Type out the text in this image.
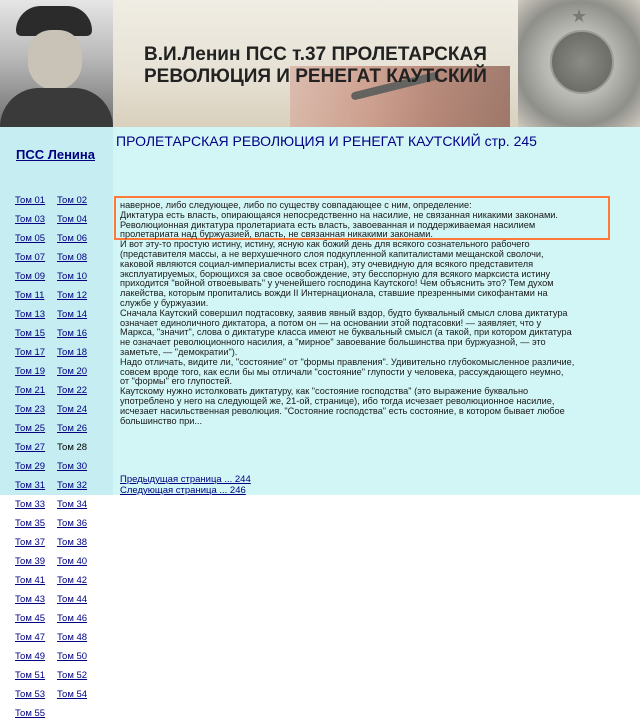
★
В.И.Ленин ПСС т.37 ПРОЛЕТАРСКАЯ
РЕВОЛЮЦИЯ И РЕНЕГАТ КАУТСКИЙ
ПСС Ленина
Том 01 Том 02Том 03 Том 04Том 05 Том 06Том 07 Том 08Том 09 Том 10Том 11 Том 12Том 13 Том 14Том 15 Том 16Том 17 Том 18Том 19 Том 20Том 21 Том 22Том 23 Том 24Том 25 Том 26Том 27 Том 28Том 29 Том 30Том 31 Том 32Том 33 Том 34Том 35 Том 36Том 37 Том 38Том 39 Том 40Том 41 Том 42Том 43 Том 44Том 45 Том 46Том 47 Том 48Том 49 Том 50Том 51 Том 52Том 53 Том 54Том 55
ПРОЛЕТАРСКАЯ РЕВОЛЮЦИЯ И РЕНЕГАТ КАУТСКИЙ стр. 245
наверное, либо следующее, либо по существу совпадающее с ним, определение:
Диктатура есть власть, опирающаяся непосредственно на насилие, не связанная никакими законами.
Революционная диктатура пролетариата есть власть, завоеванная и поддерживаемая насилием
пролетариата над буржуазией, власть, не связанная никакими законами.
И вот эту-то простую истину, истину, ясную как божий день для всякого сознательного рабочего
(представителя массы, а не верхушечного слоя подкупленной капиталистами мещанской сволочи,
каковой являются социал-империалисты всех стран), эту очевидную для всякого представителя
эксплуатируемых, борющихся за свое освобождение, эту бесспорную для всякого марксиста истину
приходится "войной отвоевывать" у ученейшего господина Каутского! Чем объяснить это? Тем духом
лакейства, которым пропитались вожди II Интернационала, ставшие презренными сикофантами на
службе у буржуазии.
Сначала Каутский совершил подтасовку, заявив явный вздор, будто буквальный смысл слова диктатура
означает единоличного диктатора, а потом он — на основании этой подтасовки! — заявляет, что у
Маркса, "значит", слова о диктатуре класса имеют не буквальный смысл (а такой, при котором диктатура
не означает революционного насилия, а "мирное" завоевание большинства при буржуазной, — это
заметьте, — "демократии").
Надо отличать, видите ли, "состояние" от "формы правления". Удивительно глубокомысленное различие,
совсем вроде того, как если бы мы отличали "состояние" глупости у человека, рассуждающего неумно,
от "формы" его глупостей.
Каутскому нужно истолковать диктатуру, как "состояние господства" (это выражение буквально
употреблено у него на следующей же, 21-ой, странице), ибо тогда исчезает революционное насилие,
исчезает насильственная революция. "Состояние господства" есть состояние, в котором бывает любое
большинство при...
Предыдущая страница ... 244
Следующая страница ... 246
